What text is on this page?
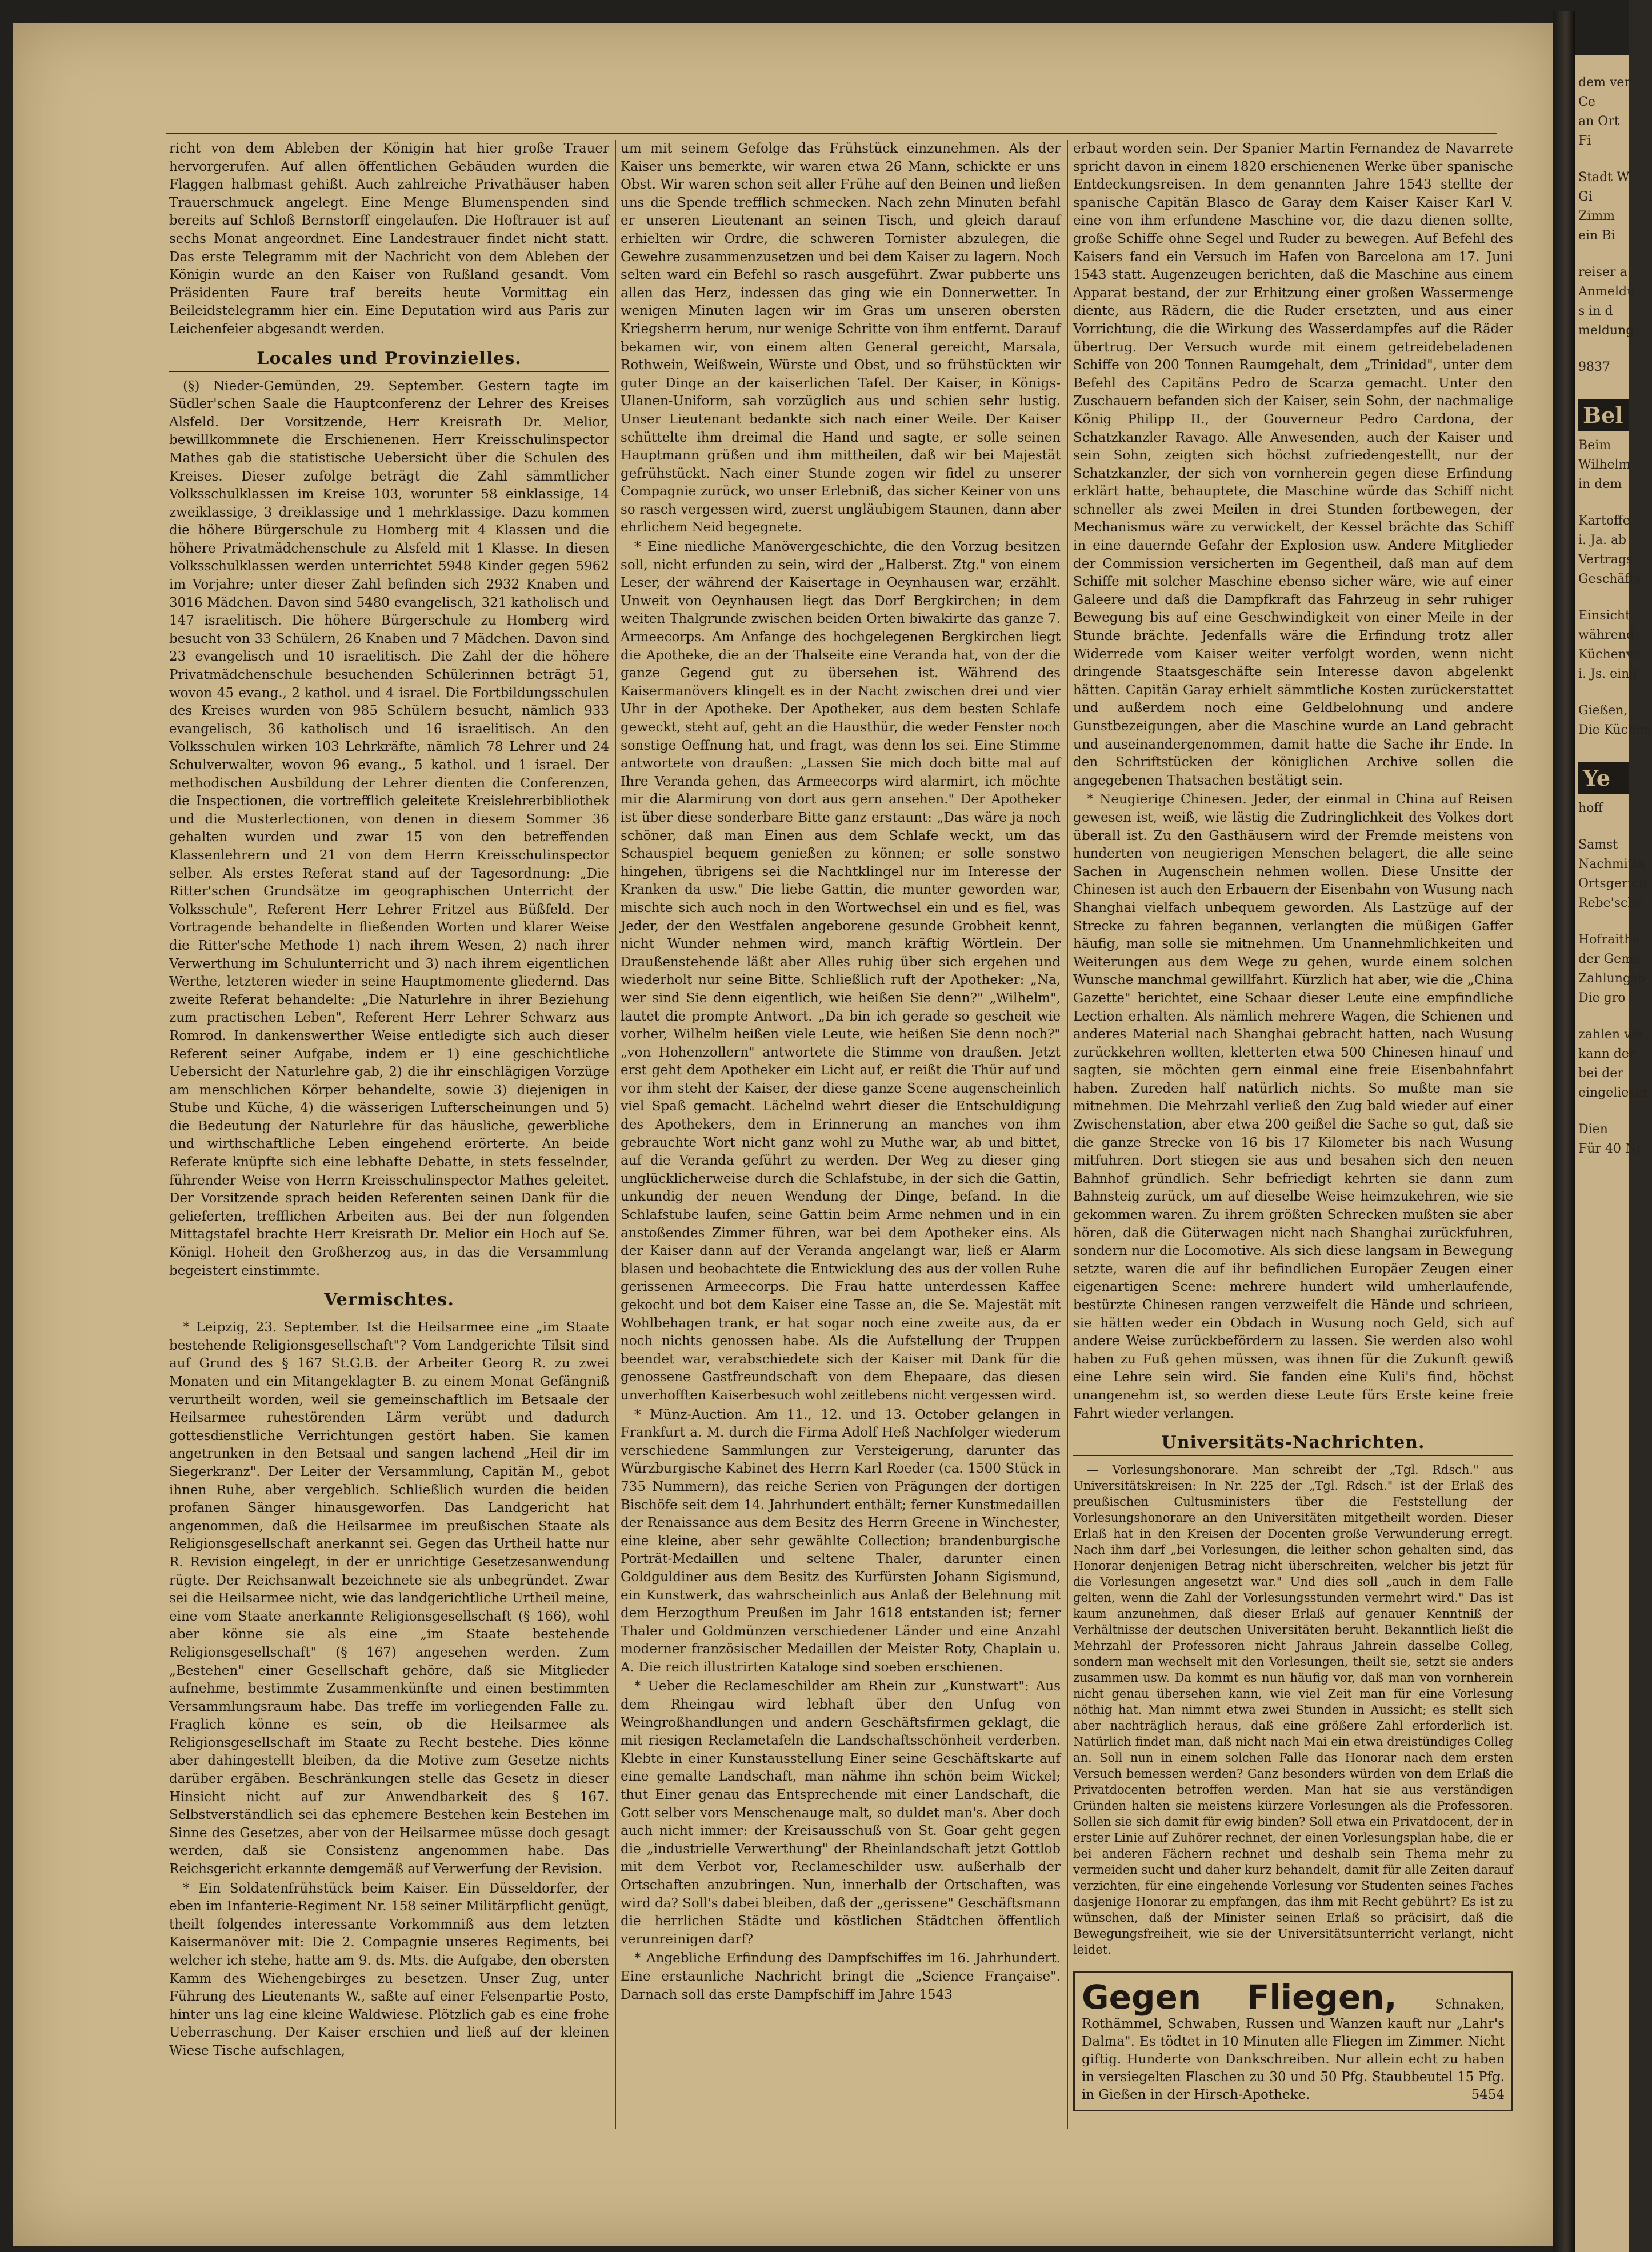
dem ver
Ce
an Ort
Fi
Stadt W
Gi
Zimm
ein Bi
reiser a
Anmeldu
s in d
meldung
9837
Bel
Beim
Wilhelm
in dem
Kartoffe
i. Ja. ab
Vertrags
Geschäfts
Einsicht
während
Küchenve
i. Js. eing
Gießen,
Die Küchen
Ye
hoff
Samst
Nachmitta
Ortsgerich
Rebe'sche
Hofraithe
der Geme
Zahlungsb
Die gro
zahlen we
kann der
bei der
eingelieser
Dien
Für 40 Nr.

richt von dem Ableben der Königin hat hier große Trauer hervorgerufen. Auf allen öffentlichen Gebäuden wurden die Flaggen halbmast gehißt. Auch zahlreiche Privathäuser haben Trauerschmuck angelegt. Eine Menge Blumenspenden sind bereits auf Schloß Bernstorff eingelaufen. Die Hoftrauer ist auf sechs Monat angeordnet. Eine Landestrauer findet nicht statt. Das erste Telegramm mit der Nachricht von dem Ableben der Königin wurde an den Kaiser von Rußland gesandt. Vom Präsidenten Faure traf bereits heute Vormittag ein Beileidstelegramm hier ein. Eine Deputation wird aus Paris zur Leichenfeier abgesandt werden.

Locales und Provinzielles.

(§) Nieder-Gemünden, 29. September. Gestern tagte im Südler'schen Saale die Hauptconferenz der Lehrer des Kreises Alsfeld. Der Vorsitzende, Herr Kreisrath Dr. Melior, bewillkommnete die Erschienenen. Herr Kreisschulinspector Mathes gab die statistische Uebersicht über die Schulen des Kreises. Dieser zufolge beträgt die Zahl sämmtlicher Volksschulklassen im Kreise 103, worunter 58 einklassige, 14 zweiklassige, 3 dreiklassige und 1 mehrklassige. Dazu kommen die höhere Bürgerschule zu Homberg mit 4 Klassen und die höhere Privatmädchenschule zu Alsfeld mit 1 Klasse. In diesen Volksschulklassen werden unterrichtet 5948 Kinder gegen 5962 im Vorjahre; unter dieser Zahl befinden sich 2932 Knaben und 3016 Mädchen. Davon sind 5480 evangelisch, 321 katholisch und 147 israelitisch. Die höhere Bürgerschule zu Homberg wird besucht von 33 Schülern, 26 Knaben und 7 Mädchen. Davon sind 23 evangelisch und 10 israelitisch. Die Zahl der die höhere Privatmädchenschule besuchenden Schülerinnen beträgt 51, wovon 45 evang., 2 kathol. und 4 israel. Die Fortbildungsschulen des Kreises wurden von 985 Schülern besucht, nämlich 933 evangelisch, 36 katholisch und 16 israelitisch. An den Volksschulen wirken 103 Lehrkräfte, nämlich 78 Lehrer und 24 Schulverwalter, wovon 96 evang., 5 kathol. und 1 israel. Der methodischen Ausbildung der Lehrer dienten die Conferenzen, die Inspectionen, die vortrefflich geleitete Kreislehrerbibliothek und die Musterlectionen, von denen in diesem Sommer 36 gehalten wurden und zwar 15 von den betreffenden Klassenlehrern und 21 von dem Herrn Kreisschulinspector selber. Als erstes Referat stand auf der Tagesordnung: „Die Ritter'schen Grundsätze im geographischen Unterricht der Volksschule", Referent Herr Lehrer Fritzel aus Büßfeld. Der Vortragende behandelte in fließenden Worten und klarer Weise die Ritter'sche Methode 1) nach ihrem Wesen, 2) nach ihrer Verwerthung im Schulunterricht und 3) nach ihrem eigentlichen Werthe, letzteren wieder in seine Hauptmomente gliedernd. Das zweite Referat behandelte: „Die Naturlehre in ihrer Beziehung zum practischen Leben", Referent Herr Lehrer Schwarz aus Romrod. In dankenswerther Weise entledigte sich auch dieser Referent seiner Aufgabe, indem er 1) eine geschichtliche Uebersicht der Naturlehre gab, 2) die ihr einschlägigen Vorzüge am menschlichen Körper behandelte, sowie 3) diejenigen in Stube und Küche, 4) die wässerigen Lufterscheinungen und 5) die Bedeutung der Naturlehre für das häusliche, gewerbliche und wirthschaftliche Leben eingehend erörterte. An beide Referate knüpfte sich eine lebhafte Debatte, in stets fesselnder, führender Weise von Herrn Kreisschulinspector Mathes geleitet. Der Vorsitzende sprach beiden Referenten seinen Dank für die gelieferten, trefflichen Arbeiten aus. Bei der nun folgenden Mittagstafel brachte Herr Kreisrath Dr. Melior ein Hoch auf Se. Königl. Hoheit den Großherzog aus, in das die Versammlung begeistert einstimmte.

Vermischtes.

* Leipzig, 23. September. Ist die Heilsarmee eine „im Staate bestehende Religionsgesellschaft"? Vom Landgerichte Tilsit sind auf Grund des § 167 St.G.B. der Arbeiter Georg R. zu zwei Monaten und ein Mitangeklagter B. zu einem Monat Gefängniß verurtheilt worden, weil sie gemeinschaftlich im Betsaale der Heilsarmee ruhestörenden Lärm verübt und dadurch gottesdienstliche Verrichtungen gestört haben. Sie kamen angetrunken in den Betsaal und sangen lachend „Heil dir im Siegerkranz". Der Leiter der Versammlung, Capitän M., gebot ihnen Ruhe, aber vergeblich. Schließlich wurden die beiden profanen Sänger hinausgeworfen. Das Landgericht hat angenommen, daß die Heilsarmee im preußischen Staate als Religionsgesellschaft anerkannt sei. Gegen das Urtheil hatte nur R. Revision eingelegt, in der er unrichtige Gesetzesanwendung rügte. Der Reichsanwalt bezeichnete sie als unbegründet. Zwar sei die Heilsarmee nicht, wie das landgerichtliche Urtheil meine, eine vom Staate anerkannte Religionsgesellschaft (§ 166), wohl aber könne sie als eine „im Staate bestehende Religionsgesellschaft" (§ 167) angesehen werden. Zum „Bestehen" einer Gesellschaft gehöre, daß sie Mitglieder aufnehme, bestimmte Zusammenkünfte und einen bestimmten Versammlungsraum habe. Das treffe im vorliegenden Falle zu. Fraglich könne es sein, ob die Heilsarmee als Religionsgesellschaft im Staate zu Recht bestehe. Dies könne aber dahingestellt bleiben, da die Motive zum Gesetze nichts darüber ergäben. Beschränkungen stelle das Gesetz in dieser Hinsicht nicht auf zur Anwendbarkeit des § 167. Selbstverständlich sei das ephemere Bestehen kein Bestehen im Sinne des Gesetzes, aber von der Heilsarmee müsse doch gesagt werden, daß sie Consistenz angenommen habe. Das Reichsgericht erkannte demgemäß auf Verwerfung der Revision.

* Ein Soldatenfrühstück beim Kaiser. Ein Düsseldorfer, der eben im Infanterie-Regiment Nr. 158 seiner Militärpflicht genügt, theilt folgendes interessante Vorkommniß aus dem letzten Kaisermanöver mit: Die 2. Compagnie unseres Regiments, bei welcher ich stehe, hatte am 9. ds. Mts. die Aufgabe, den obersten Kamm des Wiehengebirges zu besetzen. Unser Zug, unter Führung des Lieutenants W., saßte auf einer Felsenpartie Posto, hinter uns lag eine kleine Waldwiese. Plötzlich gab es eine frohe Ueberraschung. Der Kaiser erschien und ließ auf der kleinen Wiese Tische aufschlagen,

um mit seinem Gefolge das Frühstück einzunehmen. Als der Kaiser uns bemerkte, wir waren etwa 26 Mann, schickte er uns Obst. Wir waren schon seit aller Frühe auf den Beinen und ließen uns die Spende trefflich schmecken. Nach zehn Minuten befahl er unseren Lieutenant an seinen Tisch, und gleich darauf erhielten wir Ordre, die schweren Tornister abzulegen, die Gewehre zusammenzusetzen und bei dem Kaiser zu lagern. Noch selten ward ein Befehl so rasch ausgeführt. Zwar pubberte uns allen das Herz, indessen das ging wie ein Donnerwetter. In wenigen Minuten lagen wir im Gras um unseren obersten Kriegsherrn herum, nur wenige Schritte von ihm entfernt. Darauf bekamen wir, von einem alten General gereicht, Marsala, Rothwein, Weißwein, Würste und Obst, und so frühstückten wir guter Dinge an der kaiserlichen Tafel. Der Kaiser, in Königs-Ulanen-Uniform, sah vorzüglich aus und schien sehr lustig. Unser Lieutenant bedankte sich nach einer Weile. Der Kaiser schüttelte ihm dreimal die Hand und sagte, er solle seinen Hauptmann grüßen und ihm mittheilen, daß wir bei Majestät gefrühstückt. Nach einer Stunde zogen wir fidel zu unserer Compagnie zurück, wo unser Erlebniß, das sicher Keiner von uns so rasch vergessen wird, zuerst ungläubigem Staunen, dann aber ehrlichem Neid begegnete.

* Eine niedliche Manövergeschichte, die den Vorzug besitzen soll, nicht erfunden zu sein, wird der „Halberst. Ztg." von einem Leser, der während der Kaisertage in Oeynhausen war, erzählt. Unweit von Oeynhausen liegt das Dorf Bergkirchen; in dem weiten Thalgrunde zwischen beiden Orten biwakirte das ganze 7. Armeecorps. Am Anfange des hochgelegenen Bergkirchen liegt die Apotheke, die an der Thalseite eine Veranda hat, von der die ganze Gegend gut zu übersehen ist. Während des Kaisermanövers klingelt es in der Nacht zwischen drei und vier Uhr in der Apotheke. Der Apotheker, aus dem besten Schlafe geweckt, steht auf, geht an die Hausthür, die weder Fenster noch sonstige Oeffnung hat, und fragt, was denn los sei. Eine Stimme antwortete von draußen: „Lassen Sie mich doch bitte mal auf Ihre Veranda gehen, das Armeecorps wird alarmirt, ich möchte mir die Alarmirung von dort aus gern ansehen." Der Apotheker ist über diese sonderbare Bitte ganz erstaunt: „Das wäre ja noch schöner, daß man Einen aus dem Schlafe weckt, um das Schauspiel bequem genießen zu können; er solle sonstwo hingehen, übrigens sei die Nachtklingel nur im Interesse der Kranken da usw." Die liebe Gattin, die munter geworden war, mischte sich auch noch in den Wortwechsel ein und es fiel, was Jeder, der den Westfalen angeborene gesunde Grobheit kennt, nicht Wunder nehmen wird, manch kräftig Wörtlein. Der Draußenstehende läßt aber Alles ruhig über sich ergehen und wiederholt nur seine Bitte. Schließlich ruft der Apotheker: „Na, wer sind Sie denn eigentlich, wie heißen Sie denn?" „Wilhelm", lautet die prompte Antwort. „Da bin ich gerade so gescheit wie vorher, Wilhelm heißen viele Leute, wie heißen Sie denn noch?" „von Hohenzollern" antwortete die Stimme von draußen. Jetzt erst geht dem Apotheker ein Licht auf, er reißt die Thür auf und vor ihm steht der Kaiser, der diese ganze Scene augenscheinlich viel Spaß gemacht. Lächelnd wehrt dieser die Entschuldigung des Apothekers, dem in Erinnerung an manches von ihm gebrauchte Wort nicht ganz wohl zu Muthe war, ab und bittet, auf die Veranda geführt zu werden. Der Weg zu dieser ging unglücklicherweise durch die Schlafstube, in der sich die Gattin, unkundig der neuen Wendung der Dinge, befand. In die Schlafstube laufen, seine Gattin beim Arme nehmen und in ein anstoßendes Zimmer führen, war bei dem Apotheker eins. Als der Kaiser dann auf der Veranda angelangt war, ließ er Alarm blasen und beobachtete die Entwicklung des aus der vollen Ruhe gerissenen Armeecorps. Die Frau hatte unterdessen Kaffee gekocht und bot dem Kaiser eine Tasse an, die Se. Majestät mit Wohlbehagen trank, er hat sogar noch eine zweite aus, da er noch nichts genossen habe. Als die Aufstellung der Truppen beendet war, verabschiedete sich der Kaiser mit Dank für die genossene Gastfreundschaft von dem Ehepaare, das diesen unverhofften Kaiserbesuch wohl zeitlebens nicht vergessen wird.

* Münz-Auction. Am 11., 12. und 13. October gelangen in Frankfurt a. M. durch die Firma Adolf Heß Nachfolger wiederum verschiedene Sammlungen zur Versteigerung, darunter das Würzburgische Kabinet des Herrn Karl Roeder (ca. 1500 Stück in 735 Nummern), das reiche Serien von Prägungen der dortigen Bischöfe seit dem 14. Jahrhundert enthält; ferner Kunstmedaillen der Renaissance aus dem Besitz des Herrn Greene in Winchester, eine kleine, aber sehr gewählte Collection; brandenburgische Porträt-Medaillen und seltene Thaler, darunter einen Goldguldiner aus dem Besitz des Kurfürsten Johann Sigismund, ein Kunstwerk, das wahrscheinlich aus Anlaß der Belehnung mit dem Herzogthum Preußen im Jahr 1618 entstanden ist; ferner Thaler und Goldmünzen verschiedener Länder und eine Anzahl moderner französischer Medaillen der Meister Roty, Chaplain u. A. Die reich illustrirten Kataloge sind soeben erschienen.

* Ueber die Reclameschilder am Rhein zur „Kunstwart": Aus dem Rheingau wird lebhaft über den Unfug von Weingroßhandlungen und andern Geschäftsfirmen geklagt, die mit riesigen Reclametafeln die Landschaftsschönheit verderben. Klebte in einer Kunstausstellung Einer seine Geschäftskarte auf eine gemalte Landschaft, man nähme ihn schön beim Wickel; thut Einer genau das Entsprechende mit einer Landschaft, die Gott selber vors Menschenauge malt, so duldet man's. Aber doch auch nicht immer: der Kreisausschuß von St. Goar geht gegen die „industrielle Verwerthung" der Rheinlandschaft jetzt Gottlob mit dem Verbot vor, Reclameschilder usw. außerhalb der Ortschaften anzubringen. Nun, innerhalb der Ortschaften, was wird da? Soll's dabei bleiben, daß der „gerissene" Geschäftsmann die herrlichen Städte und köstlichen Städtchen öffentlich verunreinigen darf?

* Angebliche Erfindung des Dampfschiffes im 16. Jahrhundert. Eine erstaunliche Nachricht bringt die „Science Française". Darnach soll das erste Dampfschiff im Jahre 1543

erbaut worden sein. Der Spanier Martin Fernandez de Navarrete spricht davon in einem 1820 erschienenen Werke über spanische Entdeckungsreisen. In dem genannten Jahre 1543 stellte der spanische Capitän Blasco de Garay dem Kaiser Kaiser Karl V. eine von ihm erfundene Maschine vor, die dazu dienen sollte, große Schiffe ohne Segel und Ruder zu bewegen. Auf Befehl des Kaisers fand ein Versuch im Hafen von Barcelona am 17. Juni 1543 statt. Augenzeugen berichten, daß die Maschine aus einem Apparat bestand, der zur Erhitzung einer großen Wassermenge diente, aus Rädern, die die Ruder ersetzten, und aus einer Vorrichtung, die die Wirkung des Wasserdampfes auf die Räder übertrug. Der Versuch wurde mit einem getreidebeladenen Schiffe von 200 Tonnen Raumgehalt, dem „Trinidad", unter dem Befehl des Capitäns Pedro de Scarza gemacht. Unter den Zuschauern befanden sich der Kaiser, sein Sohn, der nachmalige König Philipp II., der Gouverneur Pedro Cardona, der Schatzkanzler Ravago. Alle Anwesenden, auch der Kaiser und sein Sohn, zeigten sich höchst zufriedengestellt, nur der Schatzkanzler, der sich von vornherein gegen diese Erfindung erklärt hatte, behauptete, die Maschine würde das Schiff nicht schneller als zwei Meilen in drei Stunden fortbewegen, der Mechanismus wäre zu verwickelt, der Kessel brächte das Schiff in eine dauernde Gefahr der Explosion usw. Andere Mitglieder der Commission versicherten im Gegentheil, daß man auf dem Schiffe mit solcher Maschine ebenso sicher wäre, wie auf einer Galeere und daß die Dampfkraft das Fahrzeug in sehr ruhiger Bewegung bis auf eine Geschwindigkeit von einer Meile in der Stunde brächte. Jedenfalls wäre die Erfindung trotz aller Widerrede vom Kaiser weiter verfolgt worden, wenn nicht dringende Staatsgeschäfte sein Interesse davon abgelenkt hätten. Capitän Garay erhielt sämmtliche Kosten zurückerstattet und außerdem noch eine Geldbelohnung und andere Gunstbezeigungen, aber die Maschine wurde an Land gebracht und auseinandergenommen, damit hatte die Sache ihr Ende. In den Schriftstücken der königlichen Archive sollen die angegebenen Thatsachen bestätigt sein.

* Neugierige Chinesen. Jeder, der einmal in China auf Reisen gewesen ist, weiß, wie lästig die Zudringlichkeit des Volkes dort überall ist. Zu den Gasthäusern wird der Fremde meistens von hunderten von neugierigen Menschen belagert, die alle seine Sachen in Augenschein nehmen wollen. Diese Unsitte der Chinesen ist auch den Erbauern der Eisenbahn von Wusung nach Shanghai vielfach unbequem geworden. Als Lastzüge auf der Strecke zu fahren begannen, verlangten die müßigen Gaffer häufig, man solle sie mitnehmen. Um Unannehmlichkeiten und Weiterungen aus dem Wege zu gehen, wurde einem solchen Wunsche manchmal gewillfahrt. Kürzlich hat aber, wie die „China Gazette" berichtet, eine Schaar dieser Leute eine empfindliche Lection erhalten. Als nämlich mehrere Wagen, die Schienen und anderes Material nach Shanghai gebracht hatten, nach Wusung zurückkehren wollten, kletterten etwa 500 Chinesen hinauf und sagten, sie möchten gern einmal eine freie Eisenbahnfahrt haben. Zureden half natürlich nichts. So mußte man sie mitnehmen. Die Mehrzahl verließ den Zug bald wieder auf einer Zwischenstation, aber etwa 200 geißel die Sache so gut, daß sie die ganze Strecke von 16 bis 17 Kilometer bis nach Wusung mitfuhren. Dort stiegen sie aus und besahen sich den neuen Bahnhof gründlich. Sehr befriedigt kehrten sie dann zum Bahnsteig zurück, um auf dieselbe Weise heimzukehren, wie sie gekommen waren. Zu ihrem größten Schrecken mußten sie aber hören, daß die Güterwagen nicht nach Shanghai zurückfuhren, sondern nur die Locomotive. Als sich diese langsam in Bewegung setzte, waren die auf ihr befindlichen Europäer Zeugen einer eigenartigen Scene: mehrere hundert wild umherlaufende, bestürzte Chinesen rangen verzweifelt die Hände und schrieen, sie hätten weder ein Obdach in Wusung noch Geld, sich auf andere Weise zurückbefördern zu lassen. Sie werden also wohl haben zu Fuß gehen müssen, was ihnen für die Zukunft gewiß eine Lehre sein wird. Sie fanden eine Kuli's find, höchst unangenehm ist, so werden diese Leute fürs Erste keine freie Fahrt wieder verlangen.

Universitäts-Nachrichten.

— Vorlesungshonorare. Man schreibt der „Tgl. Rdsch." aus Universitätskreisen: In Nr. 225 der „Tgl. Rdsch." ist der Erlaß des preußischen Cultusministers über die Feststellung der Vorlesungshonorare an den Universitäten mitgetheilt worden. Dieser Erlaß hat in den Kreisen der Docenten große Verwunderung erregt. Nach ihm darf „bei Vorlesungen, die leither schon gehalten sind, das Honorar denjenigen Betrag nicht überschreiten, welcher bis jetzt für die Vorlesungen angesetzt war." Und dies soll „auch in dem Falle gelten, wenn die Zahl der Vorlesungsstunden vermehrt wird." Das ist kaum anzunehmen, daß dieser Erlaß auf genauer Kenntniß der Verhältnisse der deutschen Universitäten beruht. Bekanntlich ließt die Mehrzahl der Professoren nicht Jahraus Jahrein dasselbe Colleg, sondern man wechselt mit den Vorlesungen, theilt sie, setzt sie anders zusammen usw. Da kommt es nun häufig vor, daß man von vornherein nicht genau übersehen kann, wie viel Zeit man für eine Vorlesung nöthig hat. Man nimmt etwa zwei Stunden in Aussicht; es stellt sich aber nachträglich heraus, daß eine größere Zahl erforderlich ist. Natürlich findet man, daß nicht nach Mai ein etwa dreistündiges Colleg an. Soll nun in einem solchen Falle das Honorar nach dem ersten Versuch bemessen werden? Ganz besonders würden von dem Erlaß die Privatdocenten betroffen werden. Man hat sie aus verständigen Gründen halten sie meistens kürzere Vorlesungen als die Professoren. Sollen sie sich damit für ewig binden? Soll etwa ein Privatdocent, der in erster Linie auf Zuhörer rechnet, der einen Vorlesungsplan habe, die er bei anderen Fächern rechnet und deshalb sein Thema mehr zu vermeiden sucht und daher kurz behandelt, damit für alle Zeiten darauf verzichten, für eine eingehende Vorlesung vor Studenten seines Faches dasjenige Honorar zu empfangen, das ihm mit Recht gebührt? Es ist zu wünschen, daß der Minister seinen Erlaß so präcisirt, daß die Bewegungsfreiheit, wie sie der Universitätsunterricht verlangt, nicht leidet.

Gegen Fliegen,	Schnaken, Rothämmel, Schwaben, Russen und Wanzen kauft nur „Lahr's Dalma". Es tödtet in 10 Minuten alle Fliegen im Zimmer. Nicht giftig. Hunderte von Dankschreiben. Nur allein echt zu haben in versiegelten Flaschen zu 30 und 50 Pfg. Staubbeutel 15 Pfg. in Gießen in der Hirsch-Apotheke.	5454
